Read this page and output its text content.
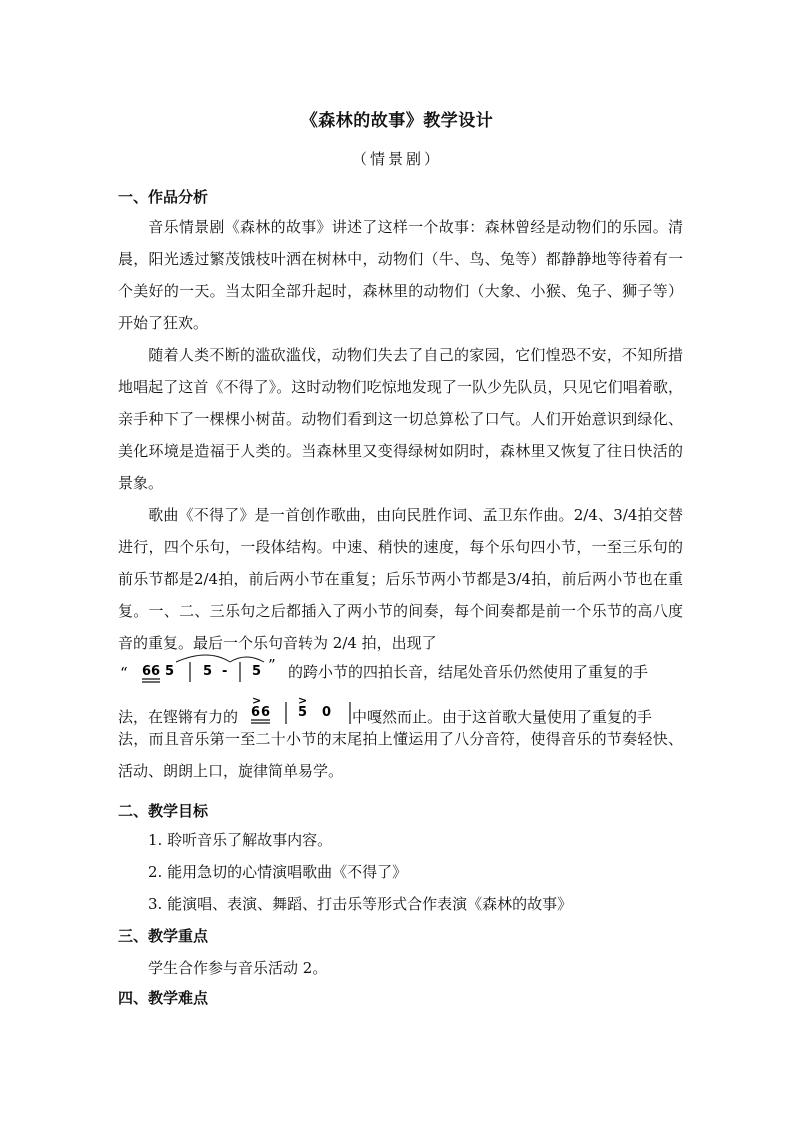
《森林的故事》教学设计
（情景剧）
一、作品分析
音乐情景剧《森林的故事》讲述了这样一个故事：森林曾经是动物们的乐园。清晨，阳光透过繁茂饿枝叶洒在树林中，动物们（牛、鸟、兔等）都静静地等待着有一个美好的一天。当太阳全部升起时，森林里的动物们（大象、小猴、兔子、狮子等）开始了狂欢。
随着人类不断的滥砍滥伐，动物们失去了自己的家园，它们惶恐不安，不知所措地唱起了这首《不得了》。这时动物们吃惊地发现了一队少先队员，只见它们唱着歌，亲手种下了一棵棵小树苗。动物们看到这一切总算松了口气。人们开始意识到绿化、美化环境是造福于人类的。当森林里又变得绿树如阴时，森林里又恢复了往日快活的景象。
歌曲《不得了》是一首创作歌曲，由向民胜作词、孟卫东作曲。2/4、3/4拍交替进行，四个乐句，一段体结构。中速、稍快的速度，每个乐句四小节，一至三乐句的前乐节都是2/4拍，前后两小节在重复；后乐节两小节都是3/4拍，前后两小节也在重复。一、二、三乐句之后都插入了两小节的间奏，每个间奏都是前一个乐节的高八度音的重复。最后一个乐句音转为 2/4 拍，出现了
“ 6 6 5 5 - 5 ” 的跨小节的四拍长音，结尾处音乐仍然使用了重复的手
法，在铿锵有力的
>
6 6
>
5 0 中嘎然而止。由于这首歌大量使用了重复的手
法，而且音乐第一至二十小节的末尾拍上懂运用了八分音符，使得音乐的节奏轻快、活动、朗朗上口，旋律简单易学。
二、教学目标
1. 聆听音乐了解故事内容。
2. 能用急切的心情演唱歌曲《不得了》
3. 能演唱、表演、舞蹈、打击乐等形式合作表演《森林的故事》
三、教学重点
学生合作参与音乐活动 2。
四、教学难点
